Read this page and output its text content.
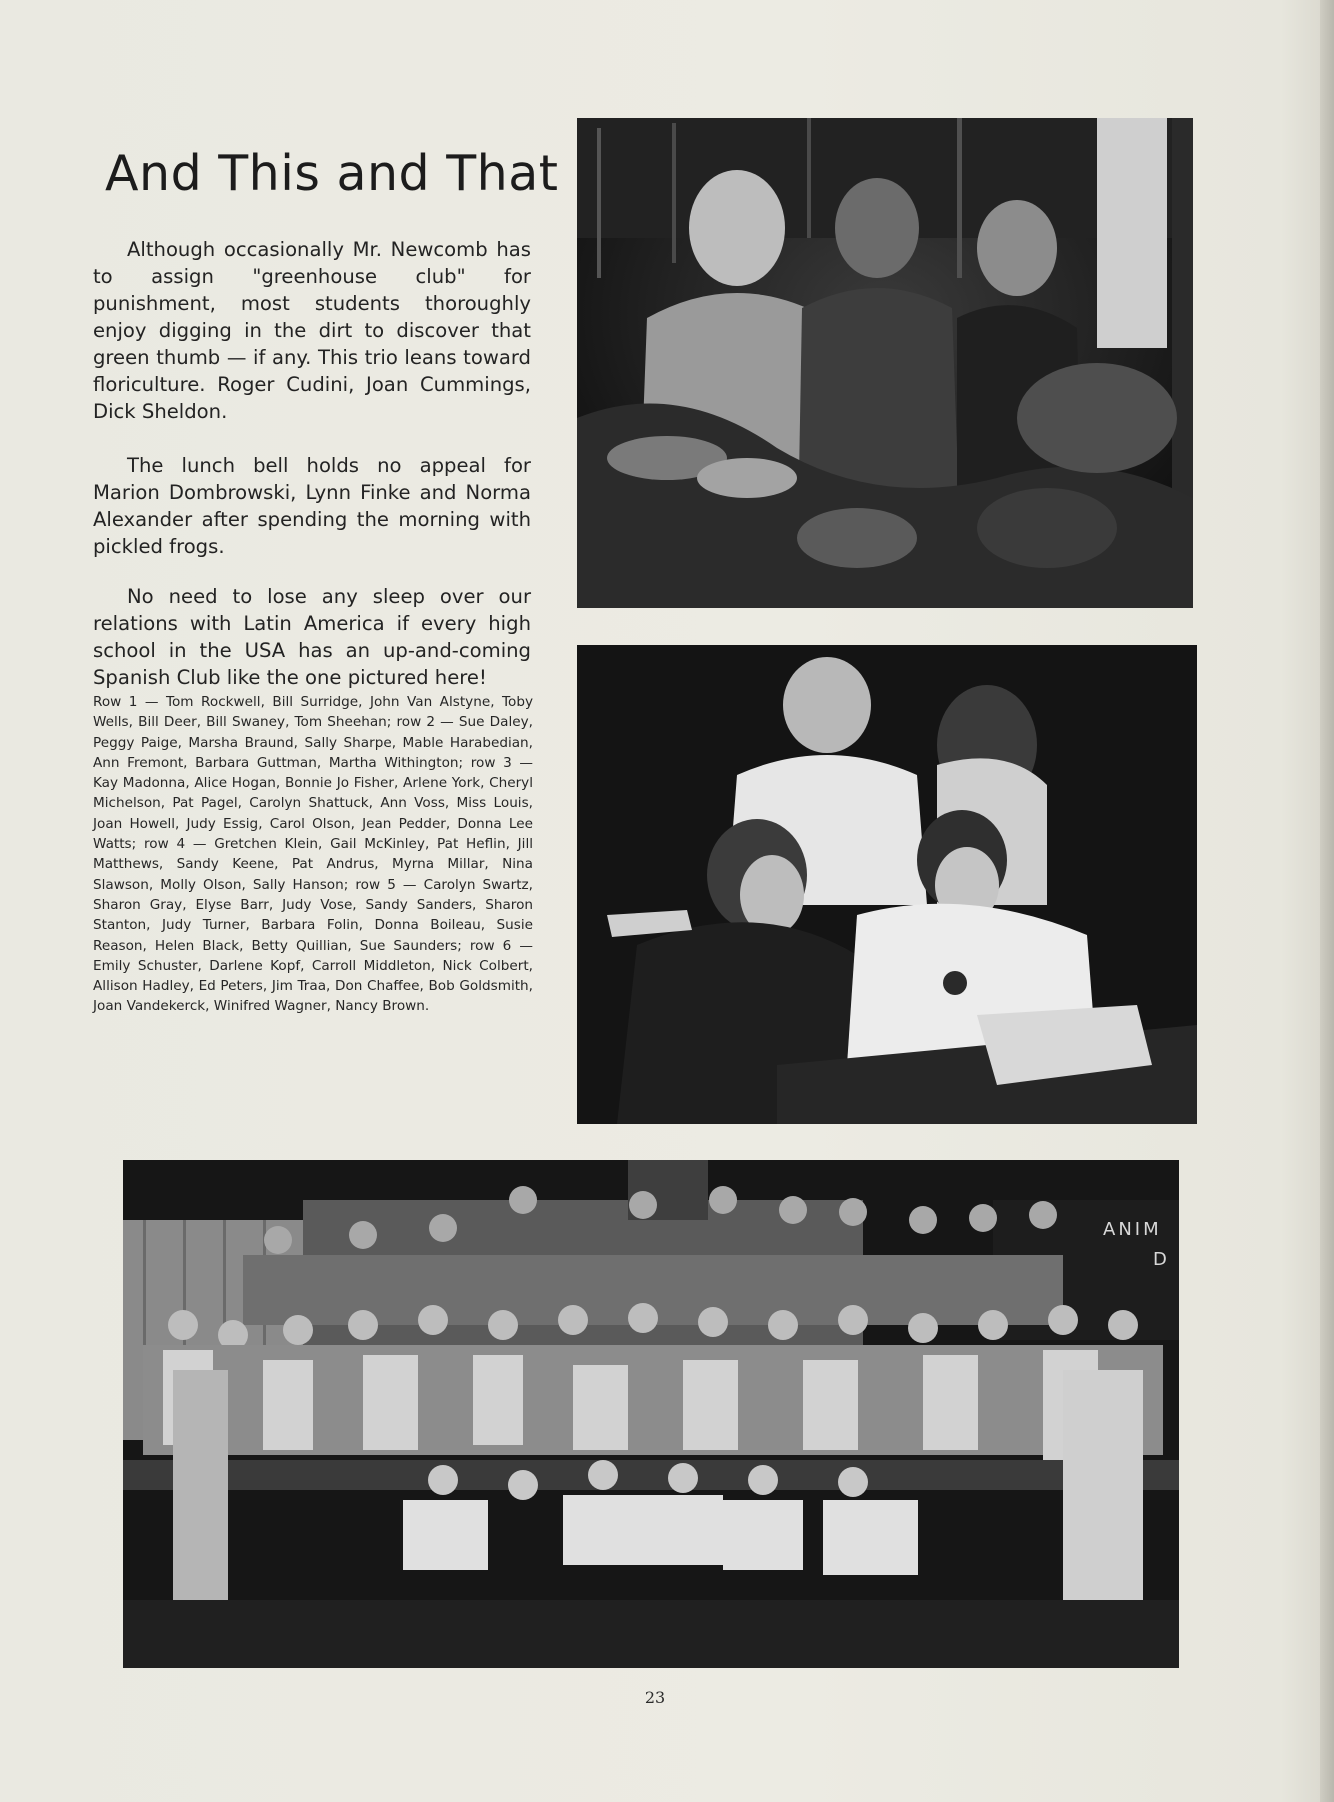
And This and That

Although occasionally Mr. Newcomb has to assign "greenhouse club" for punishment, most students thoroughly enjoy digging in the dirt to discover that green thumb — if any. This trio leans toward floriculture. Roger Cudini, Joan Cummings, Dick Sheldon.

The lunch bell holds no appeal for Marion Dombrowski, Lynn Finke and Norma Alexander after spending the morning with pickled frogs.

No need to lose any sleep over our relations with Latin America if every high school in the USA has an up-and-coming Spanish Club like the one pictured here!

Row 1 — Tom Rockwell, Bill Surridge, John Van Alstyne, Toby Wells, Bill Deer, Bill Swaney, Tom Sheehan; row 2 — Sue Daley, Peggy Paige, Marsha Braund, Sally Sharpe, Mable Harabedian, Ann Fremont, Barbara Guttman, Martha Withington; row 3 — Kay Madonna, Alice Hogan, Bonnie Jo Fisher, Arlene York, Cheryl Michelson, Pat Pagel, Carolyn Shattuck, Ann Voss, Miss Louis, Joan Howell, Judy Essig, Carol Olson, Jean Pedder, Donna Lee Watts; row 4 — Gretchen Klein, Gail McKinley, Pat Heflin, Jill Matthews, Sandy Keene, Pat Andrus, Myrna Millar, Nina Slawson, Molly Olson, Sally Hanson; row 5 — Carolyn Swartz, Sharon Gray, Elyse Barr, Judy Vose, Sandy Sanders, Sharon Stanton, Judy Turner, Barbara Folin, Donna Boileau, Susie Reason, Helen Black, Betty Quillian, Sue Saunders; row 6 — Emily Schuster, Darlene Kopf, Carroll Middleton, Nick Colbert, Allison Hadley, Ed Peters, Jim Traa, Don Chaffee, Bob Goldsmith, Joan Vandekerck, Winifred Wagner, Nancy Brown.

ANIM
D
23
